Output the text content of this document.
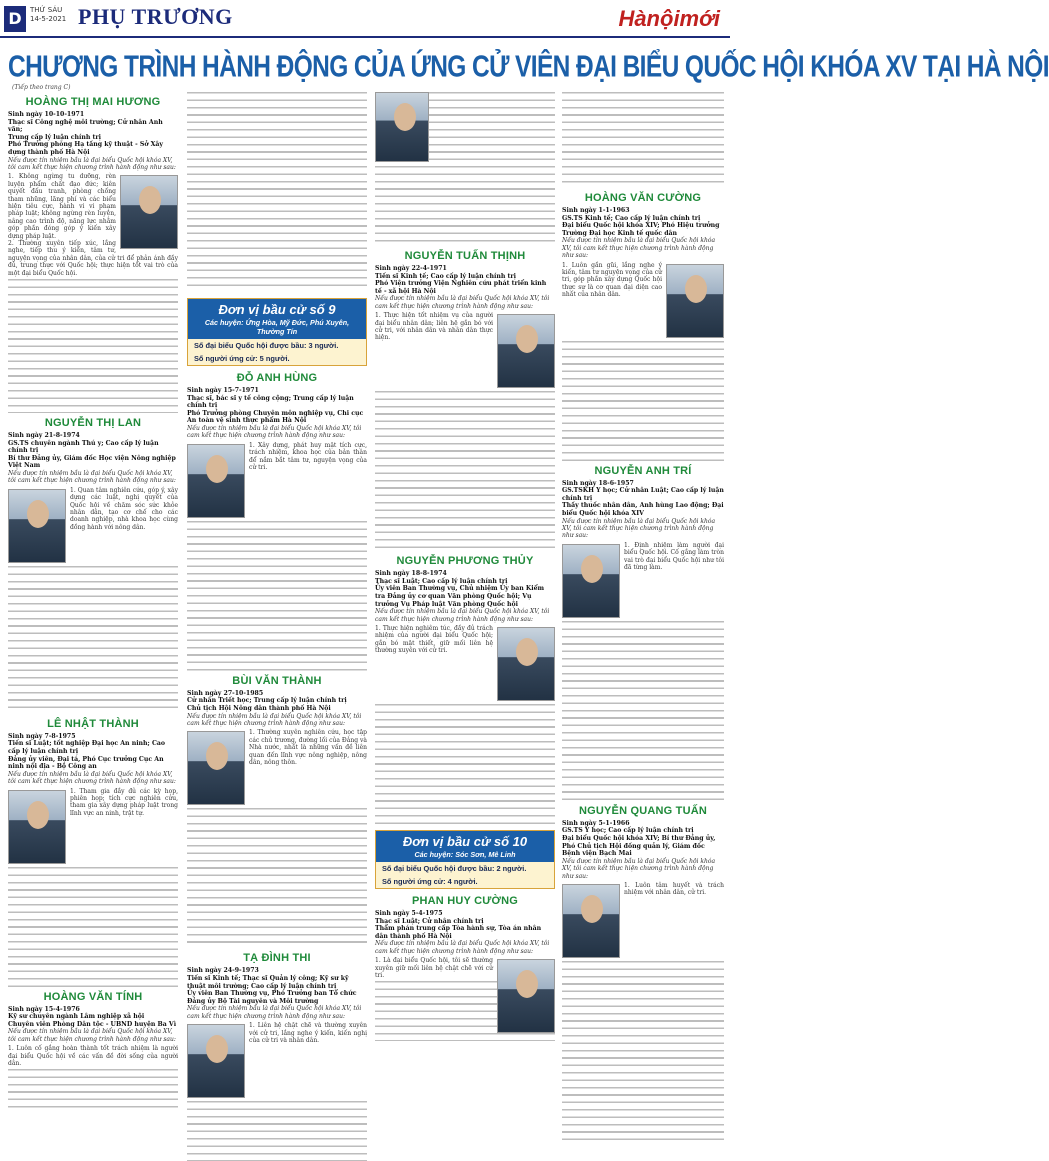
D	THỨ SÁU
14-5-2021 PHỤ TRƯƠNG	Hànộimới
CHƯƠNG TRÌNH HÀNH ĐỘNG CỦA ỨNG CỬ VIÊN ĐẠI BIỂU QUỐC HỘI KHÓA XV TẠI HÀ NỘI
(Tiếp theo trang C)
HOÀNG THỊ MAI HƯƠNG
Sinh ngày 10-10-1971
Thạc sĩ Công nghệ môi trường; Cử nhân Anh văn;
Trung cấp lý luận chính trị
Phó Trưởng phòng Hạ tầng kỹ thuật - Sở Xây dựng thành phố Hà Nội
Nếu được tín nhiệm bầu là đại biểu Quốc hội khóa XV, tôi cam kết thực hiện chương trình hành động như sau:
1. Không ngừng tu dưỡng, rèn luyện phẩm chất đạo đức; kiên quyết đấu tranh, phòng chống tham nhũng, lãng phí và các biểu hiện tiêu cực, hành vi vi phạm pháp luật; không ngừng rèn luyện, nâng cao trình độ, năng lực nhằm góp phần đóng góp ý kiến xây dựng pháp luật.
2. Thường xuyên tiếp xúc, lắng nghe, tiếp thu ý kiến, tâm tư, nguyện vọng của nhân dân, của cử tri để phản ánh đầy đủ, trung thực với Quốc hội; thực hiện tốt vai trò của một đại biểu Quốc hội.
NGUYỄN THỊ LAN
Sinh ngày 21-8-1974
GS.TS chuyên ngành Thú y; Cao cấp lý luận chính trị
Bí thư Đảng ủy, Giám đốc Học viện Nông nghiệp Việt Nam
Nếu được tín nhiệm bầu là đại biểu Quốc hội khóa XV, tôi cam kết thực hiện chương trình hành động như sau:
1. Quan tâm nghiên cứu, góp ý, xây dựng các luật, nghị quyết của Quốc hội về chăm sóc sức khỏe nhân dân, tạo cơ chế cho các doanh nghiệp, nhà khoa học cùng đồng hành với nông dân.
LÊ NHẬT THÀNH
Sinh ngày 7-8-1975
Tiến sĩ Luật; tốt nghiệp Đại học An ninh; Cao cấp lý luận chính trị
Đảng ủy viên, Đại tá, Phó Cục trưởng Cục An ninh nội địa - Bộ Công an
Nếu được tín nhiệm bầu là đại biểu Quốc hội khóa XV, tôi cam kết thực hiện chương trình hành động như sau:
1. Tham gia đầy đủ các kỳ họp, phiên họp; tích cực nghiên cứu, tham gia xây dựng pháp luật trong lĩnh vực an ninh, trật tự.
HOÀNG VĂN TÍNH
Sinh ngày 15-4-1976
Kỹ sư chuyên ngành Lâm nghiệp xã hội
Chuyên viên Phòng Dân tộc - UBND huyện Ba Vì
Nếu được tín nhiệm bầu là đại biểu Quốc hội khóa XV, tôi cam kết thực hiện chương trình hành động như sau:
1. Luôn cố gắng hoàn thành tốt trách nhiệm là người đại biểu Quốc hội về các vấn đề đời sống của người dân.
Đơn vị bầu cử số 9
Các huyện: Ứng Hòa, Mỹ Đức, Phú Xuyên, Thường Tín
Số đại biểu Quốc hội được bầu: 3 người.
Số người ứng cử: 5 người.
ĐỖ ANH HÙNG
Sinh ngày 15-7-1971
Thạc sĩ, bác sĩ y tế công cộng; Trung cấp lý luận chính trị
Phó Trưởng phòng Chuyên môn nghiệp vụ, Chi cục An toàn vệ sinh thực phẩm Hà Nội
Nếu được tín nhiệm bầu là đại biểu Quốc hội khóa XV, tôi cam kết thực hiện chương trình hành động như sau:
1. Xây dựng, phát huy mặt tích cực, trách nhiệm, khoa học của bản thân để nắm bắt tâm tư, nguyện vọng của cử tri.
BÙI VĂN THÀNH
Sinh ngày 27-10-1985
Cử nhân Triết học; Trung cấp lý luận chính trị
Chủ tịch Hội Nông dân thành phố Hà Nội
Nếu được tín nhiệm bầu là đại biểu Quốc hội khóa XV, tôi cam kết thực hiện chương trình hành động như sau:
1. Thường xuyên nghiên cứu, học tập các chủ trương, đường lối của Đảng và Nhà nước, nhất là những vấn đề liên quan đến lĩnh vực nông nghiệp, nông dân, nông thôn.
TẠ ĐÌNH THI
Sinh ngày 24-9-1973
Tiến sĩ Kinh tế; Thạc sĩ Quản lý công; Kỹ sư kỹ thuật môi trường; Cao cấp lý luận chính trị
Ủy viên Ban Thường vụ, Phó Trưởng ban Tổ chức Đảng ủy Bộ Tài nguyên và Môi trường
Nếu được tín nhiệm bầu là đại biểu Quốc hội khóa XV, tôi cam kết thực hiện chương trình hành động như sau:
1. Liên hệ chặt chẽ và thường xuyên với cử tri, lắng nghe ý kiến, kiến nghị của cử tri và nhân dân.
NGUYỄN TUẤN THỊNH
Sinh ngày 22-4-1971
Tiến sĩ Kinh tế; Cao cấp lý luận chính trị
Phó Viện trưởng Viện Nghiên cứu phát triển kinh tế - xã hội Hà Nội
Nếu được tín nhiệm bầu là đại biểu Quốc hội khóa XV, tôi cam kết thực hiện chương trình hành động như sau:
1. Thực hiện tốt nhiệm vụ của người đại biểu nhân dân; liên hệ gắn bó với cử tri, với nhân dân và nhân dân thực hiện.
NGUYỄN PHƯƠNG THỦY
Sinh ngày 18-8-1974
Thạc sĩ Luật; Cao cấp lý luận chính trị
Ủy viên Ban Thường vụ, Chủ nhiệm Ủy ban Kiểm tra Đảng ủy cơ quan Văn phòng Quốc hội; Vụ trưởng Vụ Pháp luật Văn phòng Quốc hội
Nếu được tín nhiệm bầu là đại biểu Quốc hội khóa XV, tôi cam kết thực hiện chương trình hành động như sau:
1. Thực hiện nghiêm túc, đầy đủ trách nhiệm của người đại biểu Quốc hội; gắn bó mật thiết, giữ mối liên hệ thường xuyên với cử tri.
Đơn vị bầu cử số 10
Các huyện: Sóc Sơn, Mê Linh
Số đại biểu Quốc hội được bầu: 2 người.
Số người ứng cử: 4 người.
PHAN HUY CƯỜNG
Sinh ngày 5-4-1975
Thạc sĩ Luật; Cử nhân chính trị
Thẩm phán trung cấp Tòa hành sự, Tòa án nhân dân thành phố Hà Nội
Nếu được tín nhiệm bầu là đại biểu Quốc hội khóa XV, tôi cam kết thực hiện chương trình hành động như sau:
1. Là đại biểu Quốc hội, tôi sẽ thường xuyên giữ mối liên hệ chặt chẽ với cử tri.
HOÀNG VĂN CƯỜNG
Sinh ngày 1-1-1963
GS.TS Kinh tế; Cao cấp lý luận chính trị
Đại biểu Quốc hội khóa XIV; Phó Hiệu trưởng Trường Đại học Kinh tế quốc dân
Nếu được tín nhiệm bầu là đại biểu Quốc hội khóa XV, tôi cam kết thực hiện chương trình hành động như sau:
1. Luôn gần gũi, lắng nghe ý kiến, tâm tư nguyện vọng của cử tri, góp phần xây dựng Quốc hội thực sự là cơ quan đại diện cao nhất của nhân dân.
NGUYỄN ANH TRÍ
Sinh ngày 18-6-1957
GS.TSKH Y học; Cử nhân Luật; Cao cấp lý luận chính trị
Thầy thuốc nhân dân, Anh hùng Lao động; Đại biểu Quốc hội khóa XIV
Nếu được tín nhiệm bầu là đại biểu Quốc hội khóa XV, tôi cam kết thực hiện chương trình hành động như sau:
1. Định nhiệm làm người đại biểu Quốc hội. Cố gắng làm tròn vai trò đại biểu Quốc hội như tôi đã từng làm.
NGUYỄN QUANG TUẤN
Sinh ngày 5-1-1966
GS.TS Y học; Cao cấp lý luận chính trị
Đại biểu Quốc hội khóa XIV; Bí thư Đảng ủy, Phó Chủ tịch Hội đồng quản lý, Giám đốc Bệnh viện Bạch Mai
Nếu được tín nhiệm bầu là đại biểu Quốc hội khóa XV, tôi cam kết thực hiện chương trình hành động như sau:
1. Luôn tâm huyết và trách nhiệm với nhân dân, cử tri.
